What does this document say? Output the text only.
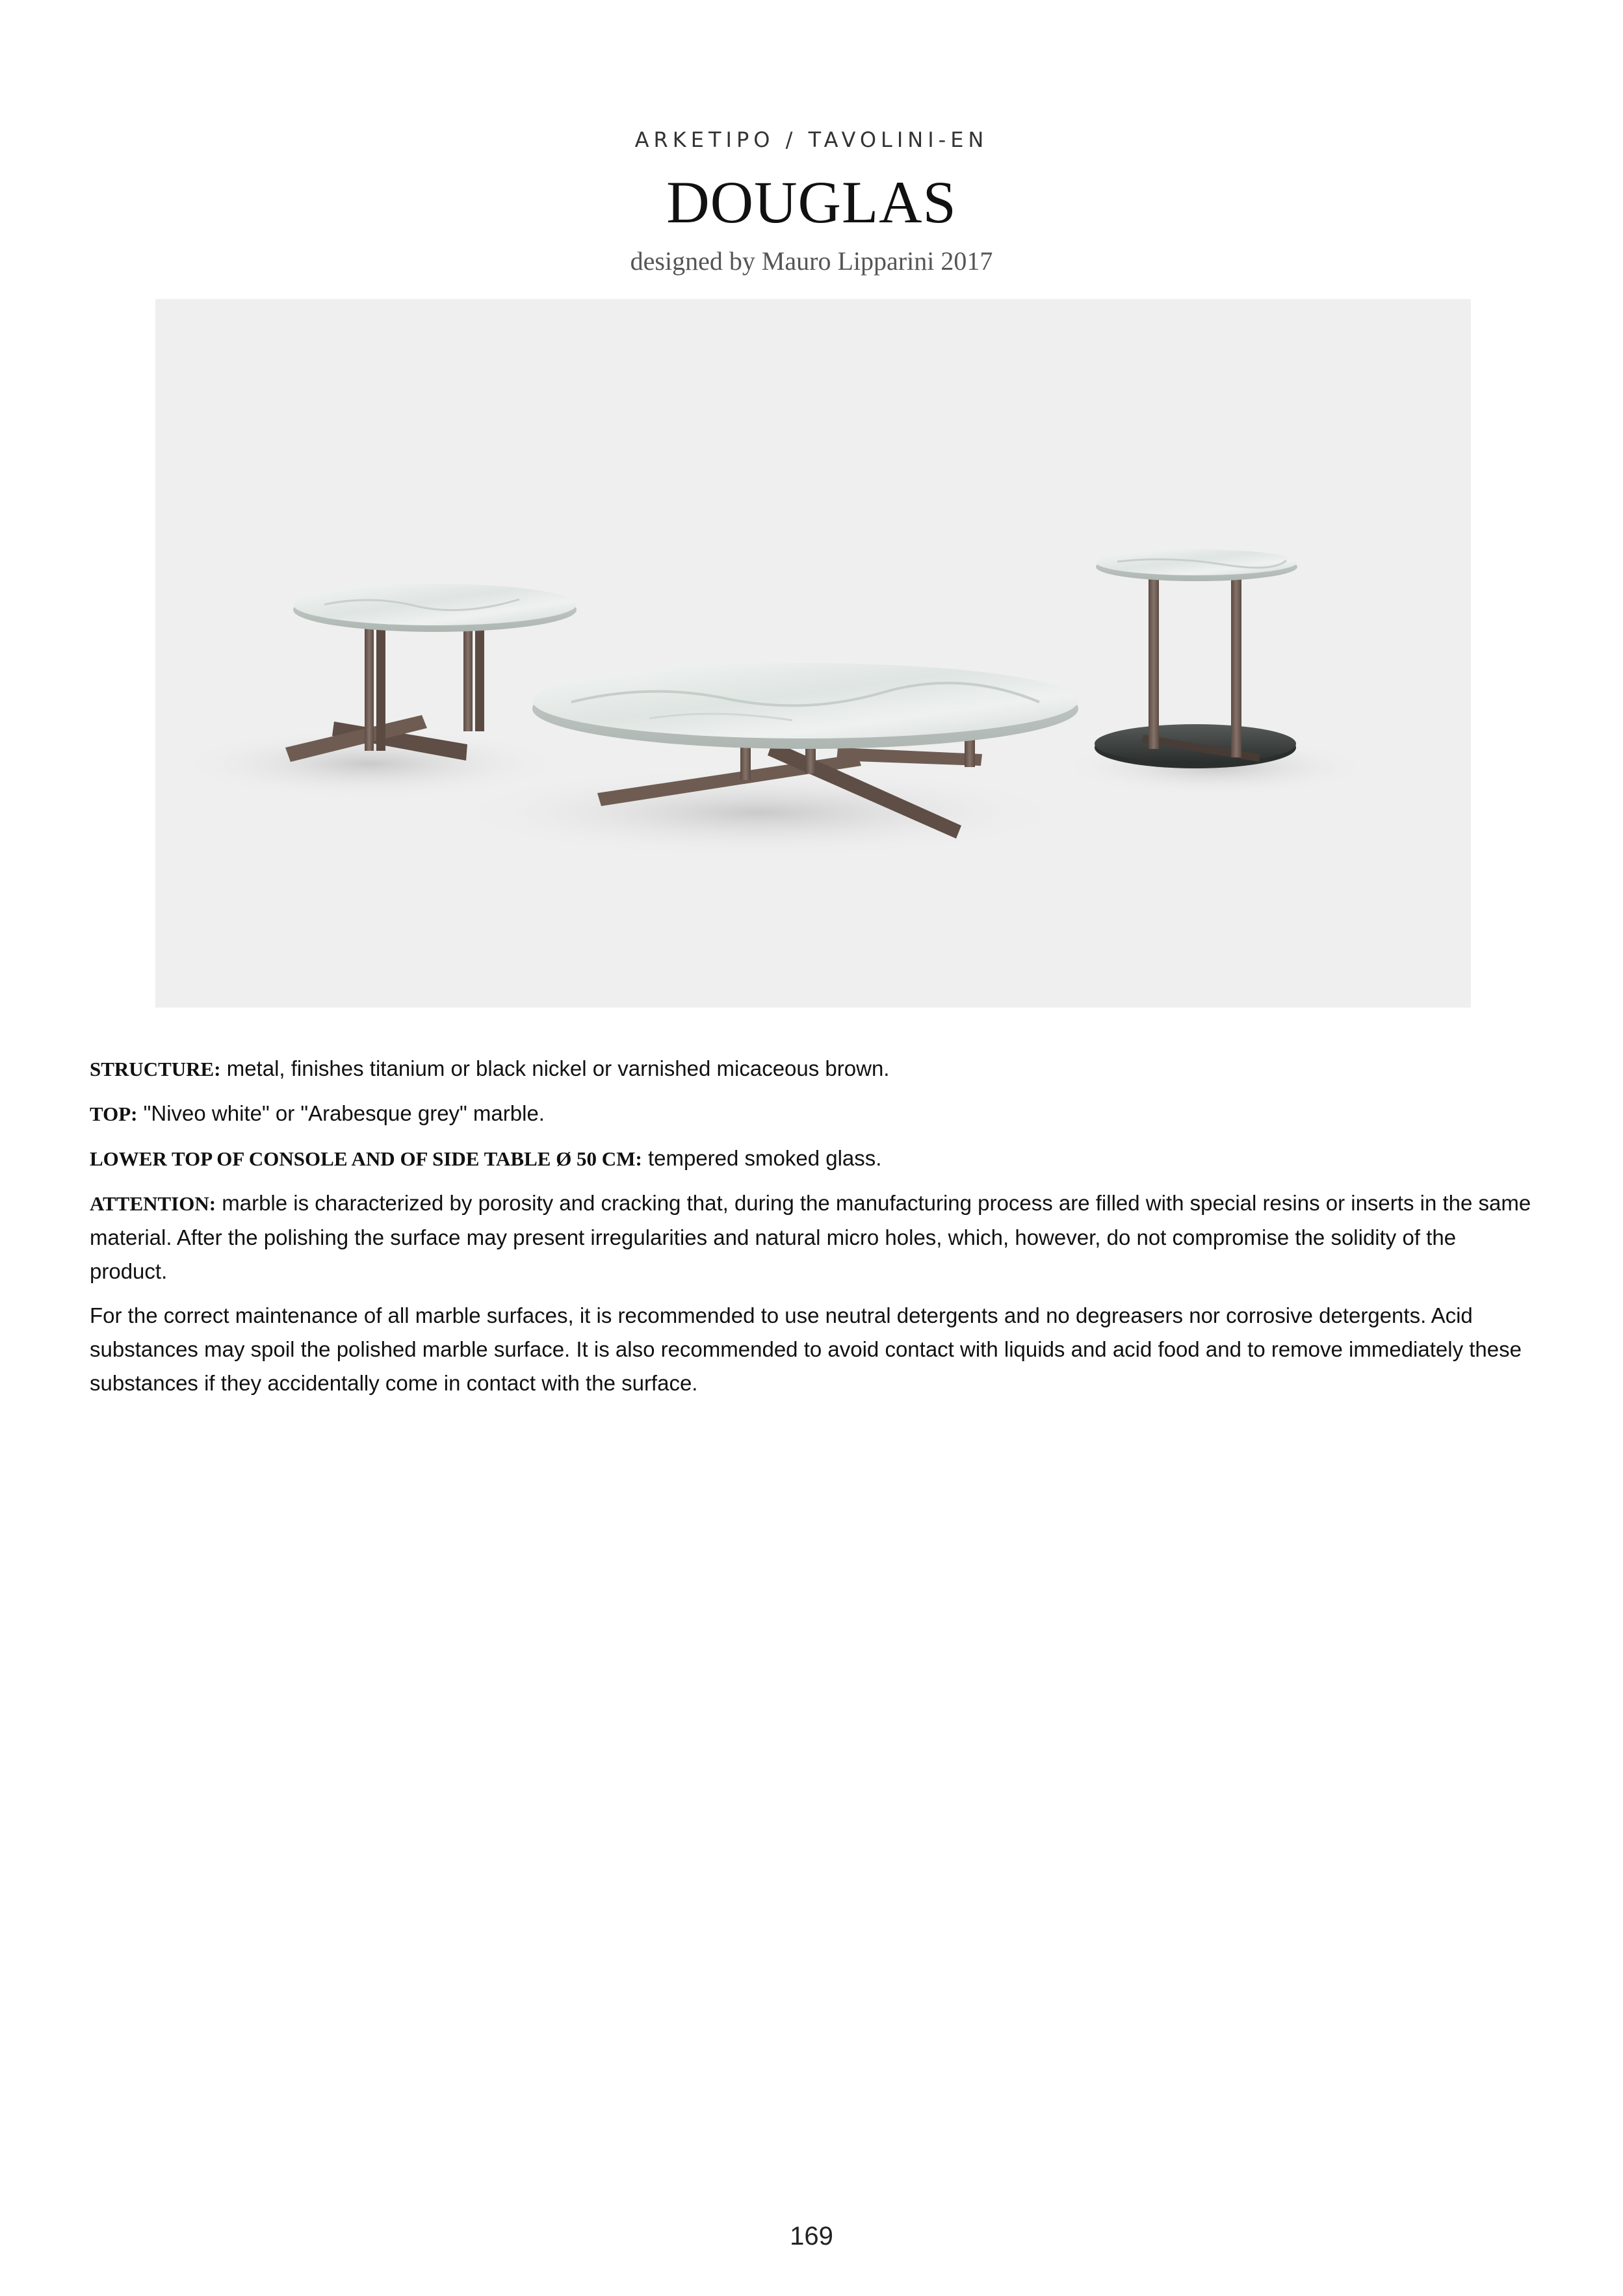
ARKETIPO / TAVOLINI-EN
DOUGLAS
designed by Mauro Lipparini 2017

STRUCTURE: metal, finishes titanium or black nickel or varnished micaceous brown.

TOP: "Niveo white" or "Arabesque grey" marble.

LOWER TOP OF CONSOLE AND OF SIDE TABLE Ø 50 CM: tempered smoked glass.

ATTENTION: marble is characterized by porosity and cracking that, during the manufacturing process are filled with special resins or inserts in the same material. After the polishing the surface may present irregularities and natural micro holes, which, however, do not compromise the solidity of the product.

For the correct maintenance of all marble surfaces, it is recommended to use neutral detergents and no degreasers nor corrosive detergents. Acid substances may spoil the polished marble surface. It is also recommended to avoid contact with liquids and acid food and to remove immediately these substances if they accidentally come in contact with the surface.

169
